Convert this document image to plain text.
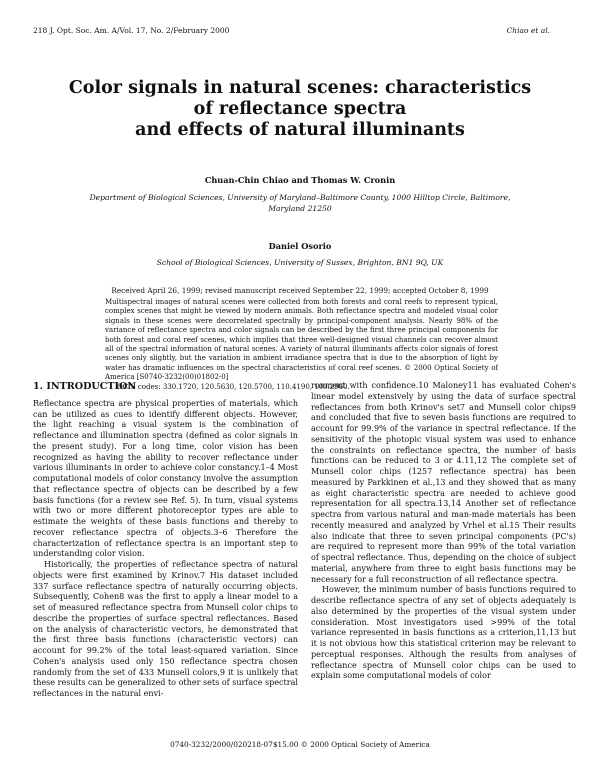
218 J. Opt. Soc. Am. A/Vol. 17, No. 2/February 2000	Chiao et al.
Color signals in natural scenes: characteristics
of reflectance spectra
and effects of natural illuminants
Chuan-Chin Chiao and Thomas W. Cronin
Department of Biological Sciences, University of Maryland–Baltimore County, 1000 Hilltop Circle, Baltimore, Maryland 21250
Daniel Osorio
School of Biological Sciences, University of Sussex, Brighton, BN1 9Q, UK
Received April 26, 1999; revised manuscript received September 22, 1999; accepted October 8, 1999
Multispectral images of natural scenes were collected from both forests and coral reefs to represent typical, complex scenes that might be viewed by modern animals. Both reflectance spectra and modeled visual color signals in these scenes were decorrelated spectrally by principal-component analysis. Nearly 98% of the variance of reflectance spectra and color signals can be described by the first three principal components for both forest and coral reef scenes, which implies that three well-designed visual channels can recover almost all of the spectral information of natural scenes. A variety of natural illuminants affects color signals of forest scenes only slightly, but the variation in ambient irradiance spectra that is due to the absorption of light by water has dramatic influences on the spectral characteristics of coral reef scenes. © 2000 Optical Society of America [S0740-3232(00)01802-0]
OCIS codes: 330.1720, 120.5630, 120.5700, 110.4190, 100.2960.
1. INTRODUCTION

Reflectance spectra are physical properties of materials, which can be utilized as cues to identify different objects. However, the light reaching a visual system is the combination of reflectance and illumination spectra (defined as color signals in the present study). For a long time, color vision has been recognized as having the ability to recover reflectance under various illuminants in order to achieve color constancy.1–4 Most computational models of color constancy involve the assumption that reflectance spectra of objects can be described by a few basis functions (for a review see Ref. 5). In turn, visual systems with two or more different photoreceptor types are able to estimate the weights of these basis functions and thereby to recover reflectance spectra of objects.3–6 Therefore the characterization of reflectance spectra is an important step to understanding color vision.

Historically, the properties of reflectance spectra of natural objects were first examined by Krinov.7 His dataset included 337 surface reflectance spectra of naturally occurring objects. Subsequently, Cohen8 was the first to apply a linear model to a set of measured reflectance spectra from Munsell color chips to describe the properties of surface spectral reflectances. Based on the analysis of characteristic vectors, he demonstrated that the first three basis functions (characteristic vectors) can account for 99.2% of the total least-squared variation. Since Cohen's analysis used only 150 reflectance spectra chosen randomly from the set of 433 Munsell colors,9 it is unlikely that these results can be generalized to other sets of surface spectral reflectances in the natural envi-

ronment with confidence.10 Maloney11 has evaluated Cohen's linear model extensively by using the data of surface spectral reflectances from both Krinov's set7 and Munsell color chips9 and concluded that five to seven basis functions are required to account for 99.9% of the variance in spectral reflectance. If the sensitivity of the photopic visual system was used to enhance the constraints on reflectance spectra, the number of basis functions can be reduced to 3 or 4.11,12 The complete set of Munsell color chips (1257 reflectance spectra) has been measured by Parkkinen et al.,13 and they showed that as many as eight characteristic spectra are needed to achieve good representation for all spectra.13,14 Another set of reflectance spectra from various natural and man-made materials has been recently measured and analyzed by Vrhel et al.15 Their results also indicate that three to seven principal components (PC's) are required to represent more than 99% of the total variation of spectral reflectance. Thus, depending on the choice of subject material, anywhere from three to eight basis functions may be necessary for a full reconstruction of all reflectance spectra.

However, the minimum number of basis functions required to describe reflectance spectra of any set of objects adequately is also determined by the properties of the visual system under consideration. Most investigators used >99% of the total variance represented in basis functions as a criterion,11,13 but it is not obvious how this statistical criterion may be relevant to perceptual responses. Although the results from analyses of reflectance spectra of Munsell color chips can be used to explain some computational models of color

0740-3232/2000/020218-07$15.00 © 2000 Optical Society of America
